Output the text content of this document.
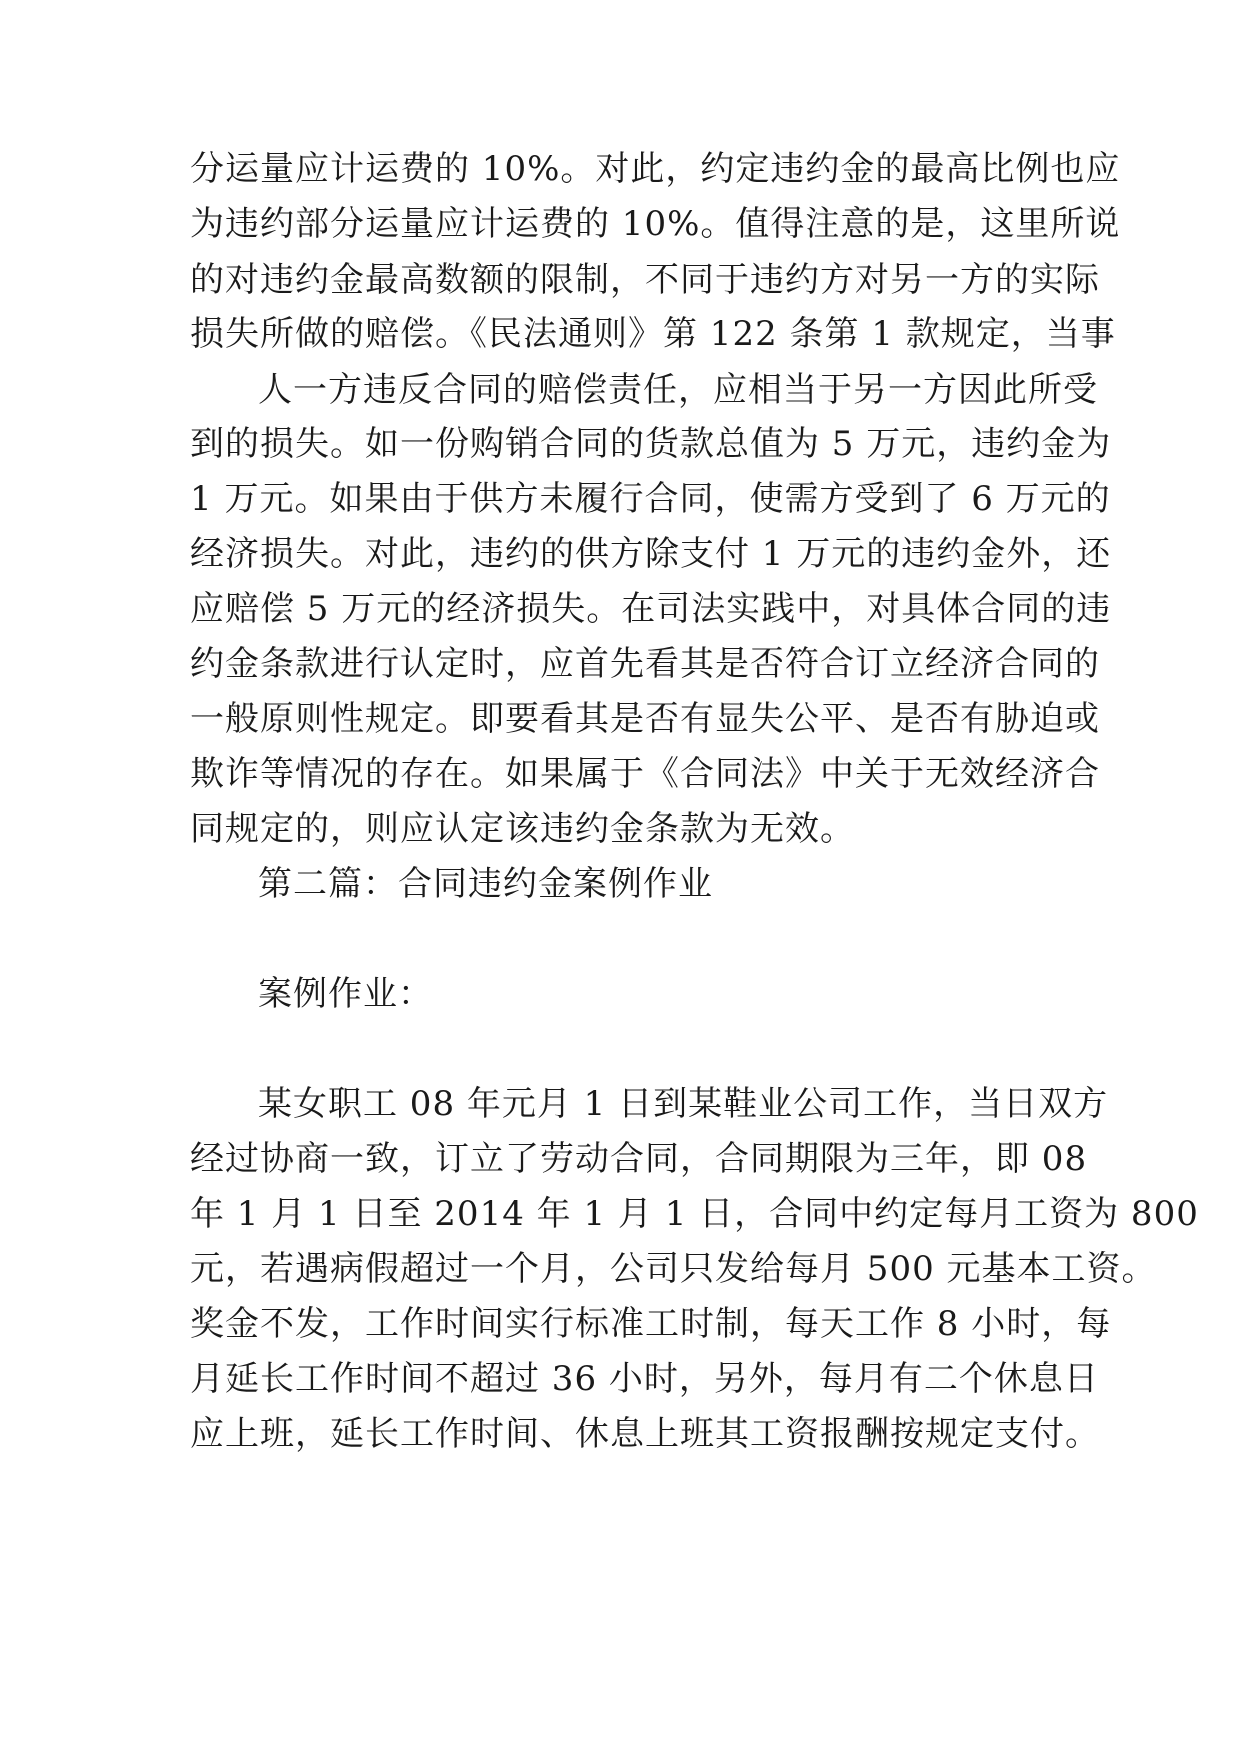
分运量应计运费的 10%。对此，约定违约金的最高比例也应
为违约部分运量应计运费的 10%。值得注意的是，这里所说
的对违约金最高数额的限制，不同于违约方对另一方的实际
损失所做的赔偿。《民法通则》第 122 条第 1 款规定，当事
人一方违反合同的赔偿责任，应相当于另一方因此所受
到的损失。如一份购销合同的货款总值为 5 万元，违约金为
1 万元。如果由于供方未履行合同，使需方受到了 6 万元的
经济损失。对此，违约的供方除支付 1 万元的违约金外，还
应赔偿 5 万元的经济损失。在司法实践中，对具体合同的违
约金条款进行认定时，应首先看其是否符合订立经济合同的
一般原则性规定。即要看其是否有显失公平、是否有胁迫或
欺诈等情况的存在。如果属于《合同法》中关于无效经济合
同规定的，则应认定该违约金条款为无效。
第二篇：合同违约金案例作业
案例作业：
某女职工 08 年元月 1 日到某鞋业公司工作，当日双方
经过协商一致，订立了劳动合同，合同期限为三年，即 08
年 1 月 1 日至 2014 年 1 月 1 日，合同中约定每月工资为 800
元，若遇病假超过一个月，公司只发给每月 500 元基本工资。
奖金不发，工作时间实行标准工时制，每天工作 8 小时，每
月延长工作时间不超过 36 小时，另外，每月有二个休息日
应上班，延长工作时间、休息上班其工资报酬按规定支付。
